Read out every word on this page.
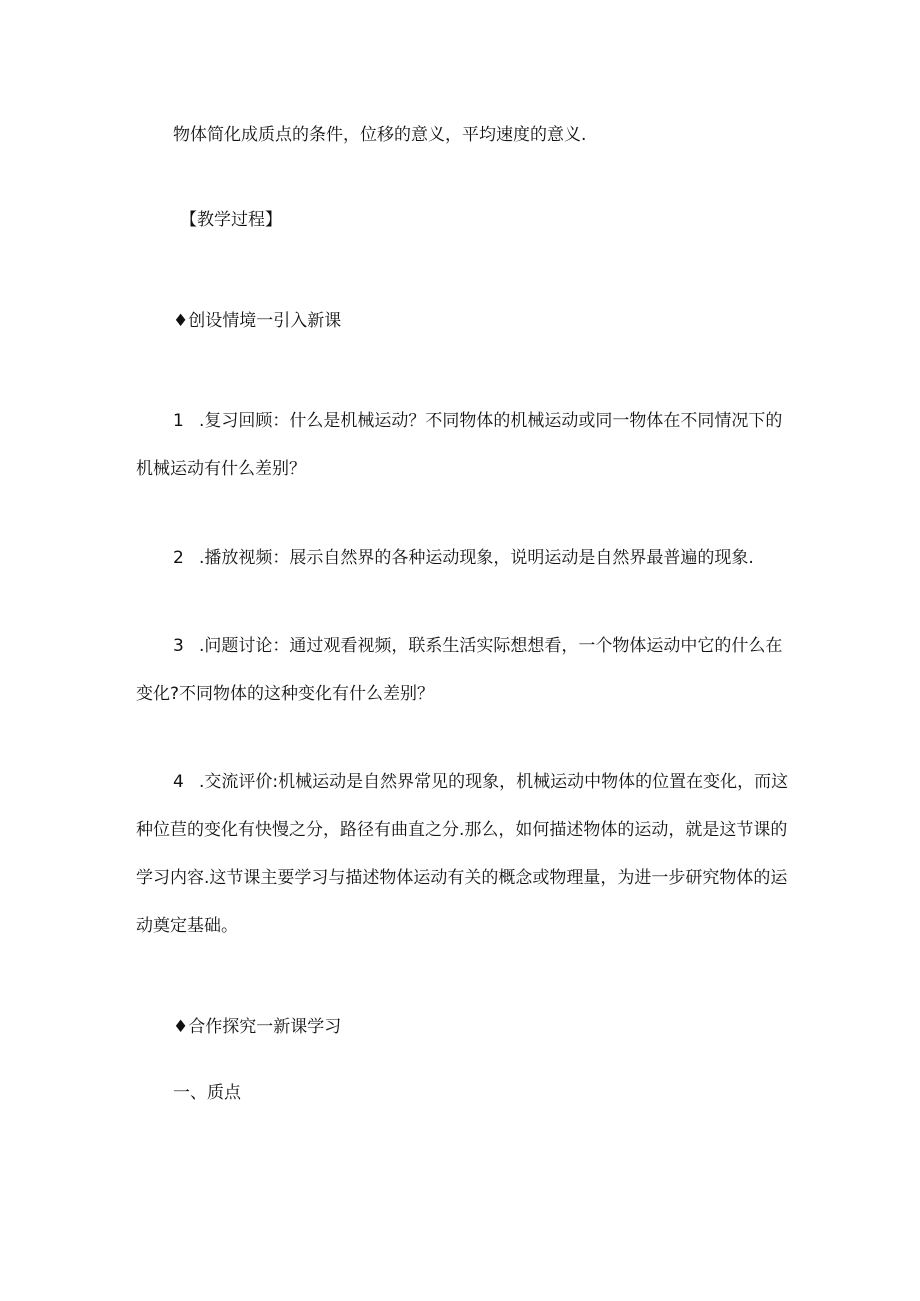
物体简化成质点的条件，位移的意义，平均速度的意义.

【教学过程】

♦创设情境一引入新课

1 .复习回顾：什么是机械运动？不同物体的机械运动或同一物体在不同情况下的

机械运动有什么差别？

2 .播放视频：展示自然界的各种运动现象，说明运动是自然界最普遍的现象.

3 .问题讨论：通过观看视频，联系生活实际想想看，一个物体运动中它的什么在

变化?不同物体的这种变化有什么差别？

4 .交流评价:机械运动是自然界常见的现象，机械运动中物体的位置在变化，而这

种位苣的变化有快慢之分，路径有曲直之分.那么，如何描述物体的运动，就是这节课的

学习内容.这节课主要学习与描述物体运动有关的概念或物理量，为进一步研究物体的运

动奠定基础。

♦合作探究一新课学习

一、质点
